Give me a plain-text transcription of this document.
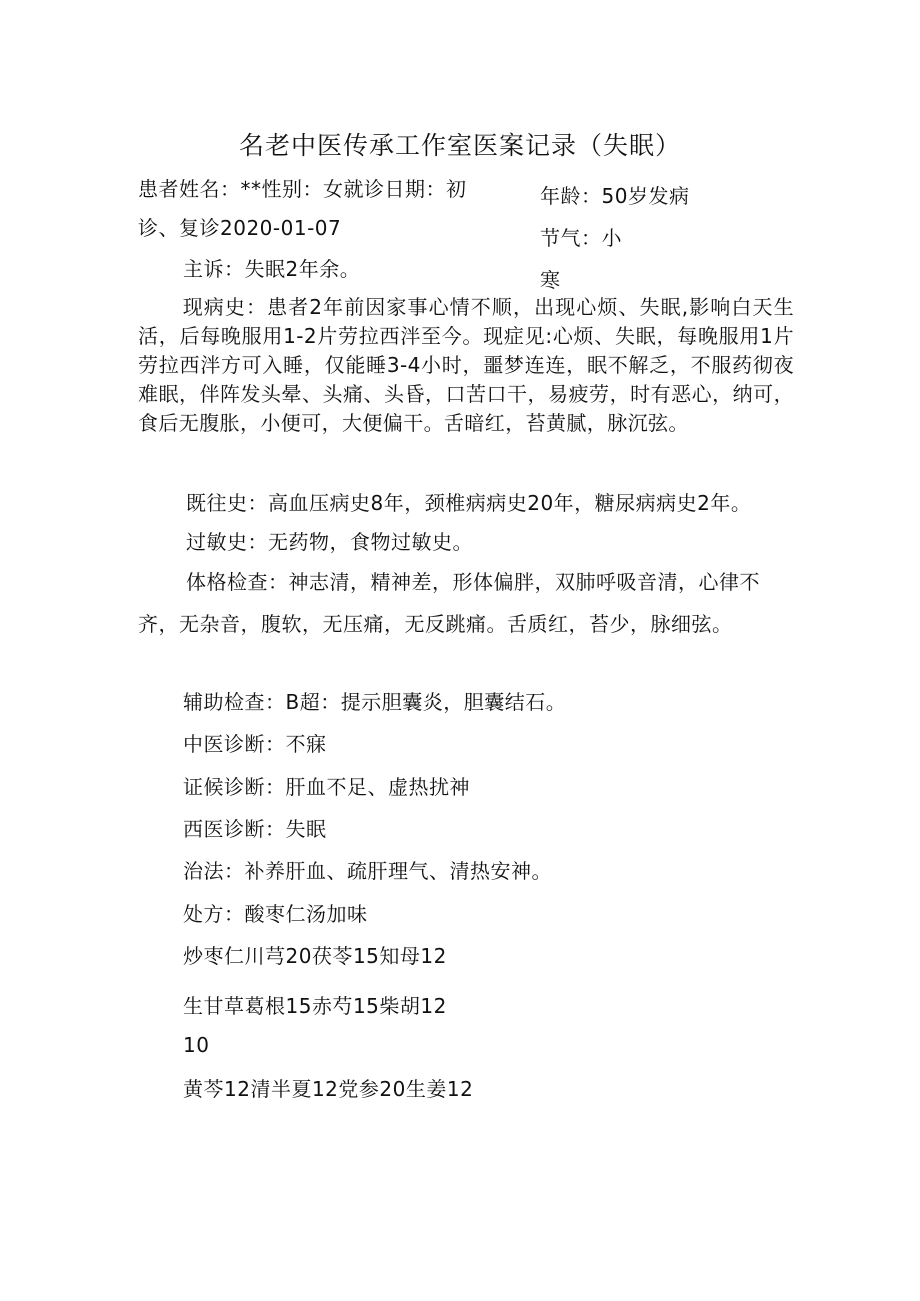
名老中医传承工作室医案记录（失眠）
患者姓名：**性别：女就诊日期：初
诊、复诊2020-01-07
年龄：50岁发病
节气：小
寒
主诉：失眠2年余。
现病史：患者2年前因家事心情不顺，出现心烦、失眠,影响白天生活，后每晚服用1-2片劳拉西泮至今。现症见:心烦、失眠，每晚服用1片劳拉西泮方可入睡，仅能睡3-4小时，噩梦连连，眠不解乏，不服药彻夜难眠，伴阵发头晕、头痛、头昏，口苦口干，易疲劳，时有恶心，纳可，食后无腹胀，小便可，大便偏干。舌暗红，苔黄腻，脉沉弦。
既往史：高血压病史8年，颈椎病病史20年，糖尿病病史2年。
过敏史：无药物，食物过敏史。
体格检查：神志清，精神差，形体偏胖，双肺呼吸音清，心律不齐，无杂音，腹软，无压痛，无反跳痛。舌质红，苔少，脉细弦。
辅助检查：B超：提示胆囊炎，胆囊结石。
中医诊断：不寐
证候诊断：肝血不足、虚热扰神
西医诊断：失眠
治法：补养肝血、疏肝理气、清热安神。
处方：酸枣仁汤加味
炒枣仁川芎20茯苓15知母12
生甘草葛根15赤芍15柴胡12
10
黄芩12清半夏12党参20生姜12
